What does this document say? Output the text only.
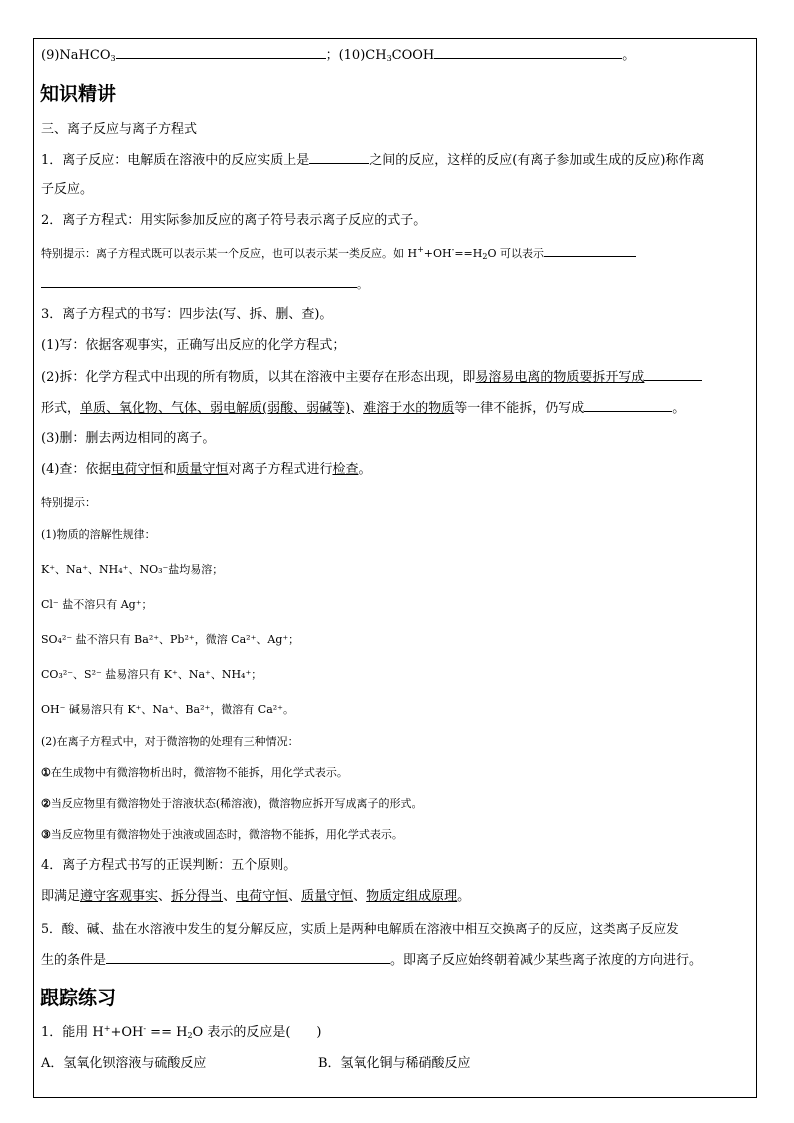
(9)NaHCO$_3$	；$(10)CH_3COOH$	。
知识精讲
三、离子反应与离子方程式
1．离子反应：电解质在溶液中的反应实质上是	之间的反应，这样的反应(有离子参加或生成的反应)称作离
子反应。
2．离子方程式：用实际参加反应的离子符号表示离子反应的式子。
特别提示：离子方程式既可以表示某一个反应，也可以表示某一类反应。如 $H^++OH^-==H_2O$ 可以表示
。
3．离子方程式的书写：四步法(写、拆、删、查)。
(1)写：依据客观事实，正确写出反应的化学方程式；
(2)拆：化学方程式中出现的所有物质，以其在溶液中主要存在形态出现，即易溶易电离的物质要拆开写成
形式，单质、氧化物、气体、弱电解质(弱酸、弱碱等)、难溶于水的物质等一律不能拆，仍写成	。
(3)删：删去两边相同的离子。
(4)查：依据电荷守恒和质量守恒对离子方程式进行检查。
特别提示：
(1)物质的溶解性规律：
K⁺、Na⁺、NH₄⁺、NO₃⁻盐均易溶；
Cl⁻ 盐不溶只有 Ag⁺；
SO₄²⁻ 盐不溶只有 Ba²⁺、Pb²⁺，微溶 Ca²⁺、Ag⁺；
CO₃²⁻、S²⁻ 盐易溶只有 K⁺、Na⁺、NH₄⁺；
OH⁻ 碱易溶只有 K⁺、Na⁺、Ba²⁺，微溶有 Ca²⁺。
(2)在离子方程式中，对于微溶物的处理有三种情况：
①在生成物中有微溶物析出时，微溶物不能拆，用化学式表示。
②当反应物里有微溶物处于溶液状态(稀溶液)，微溶物应拆开写成离子的形式。
③当反应物里有微溶物处于浊液或固态时，微溶物不能拆，用化学式表示。
4．离子方程式书写的正误判断：五个原则。
即满足遵守客观事实、拆分得当、电荷守恒、质量守恒、物质定组成原理。
5．酸、碱、盐在水溶液中发生的复分解反应，实质上是两种电解质在溶液中相互交换离子的反应，这类离子反应发
生的条件是	。即离子反应始终朝着减少某些离子浓度的方向进行。
跟踪练习
1．能用 $H^++OH^- == H_2O$ 表示的反应是(　　)
A．氢氧化钡溶液与硫酸反应	B．氢氧化铜与稀硝酸反应
